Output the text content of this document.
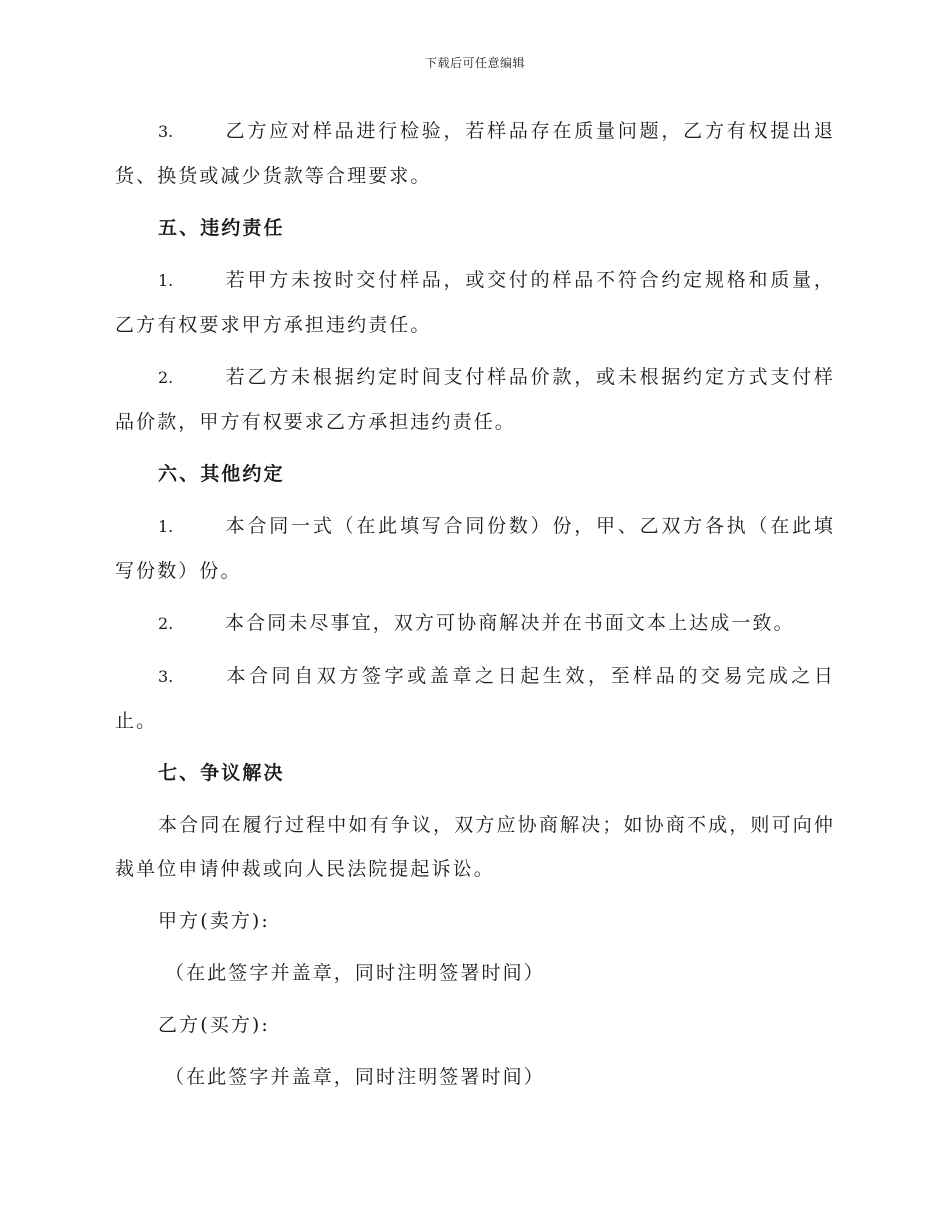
下载后可任意编辑

3.	乙方应对样品进行检验，若样品存在质量问题，乙方有权提出退货、换货或减少货款等合理要求。

五、违约责任

1.	若甲方未按时交付样品，或交付的样品不符合约定规格和质量，乙方有权要求甲方承担违约责任。

2.	若乙方未根据约定时间支付样品价款，或未根据约定方式支付样品价款，甲方有权要求乙方承担违约责任。

六、其他约定

1.	本合同一式（在此填写合同份数）份，甲、乙双方各执（在此填写份数）份。

2.	本合同未尽事宜，双方可协商解决并在书面文本上达成一致。

3.	本合同自双方签字或盖章之日起生效，至样品的交易完成之日止。

七、争议解决

本合同在履行过程中如有争议，双方应协商解决；如协商不成，则可向仲裁单位申请仲裁或向人民法院提起诉讼。

甲方(卖方):

（在此签字并盖章，同时注明签署时间）

乙方(买方):

（在此签字并盖章，同时注明签署时间）
